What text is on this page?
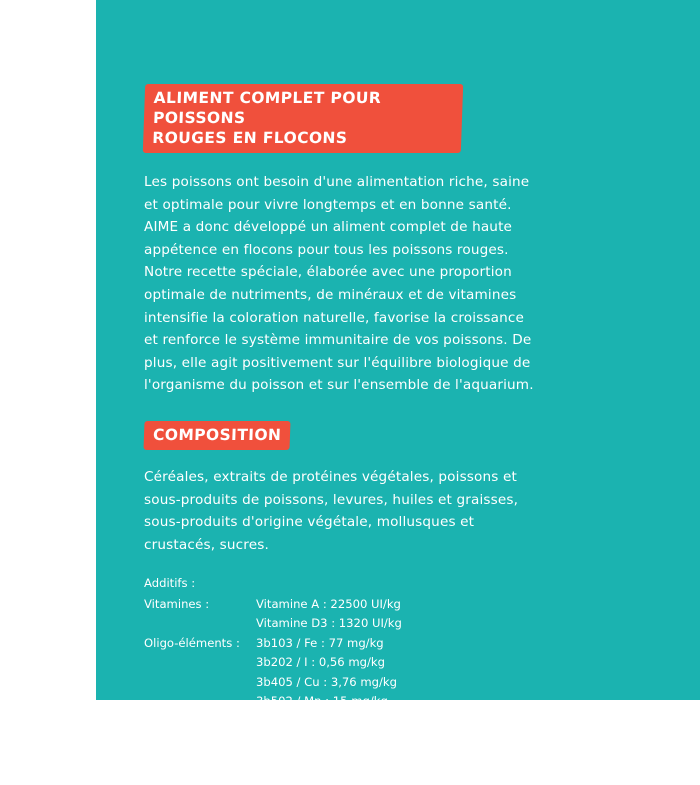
ALIMENT COMPLET POUR POISSONS
ROUGES EN FLOCONS

Les poissons ont besoin d'une alimentation riche, saine et optimale pour vivre longtemps et en bonne santé. AIME a donc développé un aliment complet de haute appétence en flocons pour tous les poissons rouges. Notre recette spéciale, élaborée avec une proportion optimale de nutriments, de minéraux et de vitamines intensifie la coloration naturelle, favorise la croissance et renforce le système immunitaire de vos poissons. De plus, elle agit positivement sur l'équilibre biologique de l'organisme du poisson et sur l'ensemble de l'aquarium.

COMPOSITION

Céréales, extraits de protéines végétales, poissons et sous-produits de poissons, levures, huiles et graisses, sous-produits d'origine végétale, mollusques et crustacés, sucres.

Additifs :
Vitamines :	Vitamine A : 22500 UI/kg
Vitamine D3 : 1320 UI/kg
Oligo-éléments :	3b103 / Fe : 77 mg/kg
3b202 / I : 0,56 mg/kg
3b405 / Cu : 3,76 mg/kg
3b502 / Mn : 15 mg/kg
3b603 / Zn : 20 mg/kg
Colorants
* Sous réserve de respecter les consignes d'utilisation ci-après.
